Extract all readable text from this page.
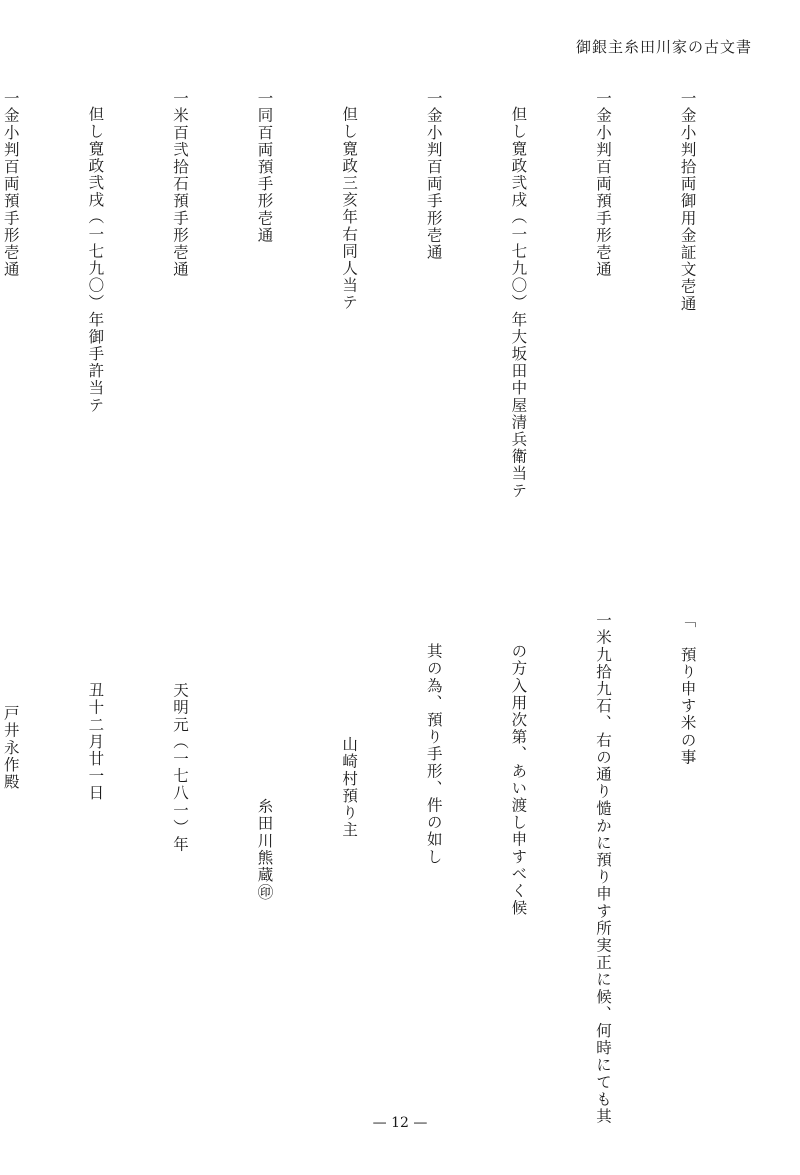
御銀主糸田川家の古文書

一金小判拾両御用金証文壱通

一金小判百両預手形壱通

但し寛政弐戌（一七九〇）年大坂田中屋清兵衛当テ

一金小判百両手形壱通

但し寛政三亥年右同人当テ

一同百両預手形壱通

一米百弐拾石預手形壱通

但し寛政弐戌（一七九〇）年御手許当テ

一金小判百両預手形壱通

「　預り申す米の事

一米九拾九石、右の通り慥かに預り申す所実正に候、何時にても其

の方入用次第、あい渡し申すべく候

其の為、預り手形、件の如し

山崎村預り主

糸田川熊蔵㊞

天明元（一七八一）年

丑十二月廿一日

戸井永作殿

— 12 —
